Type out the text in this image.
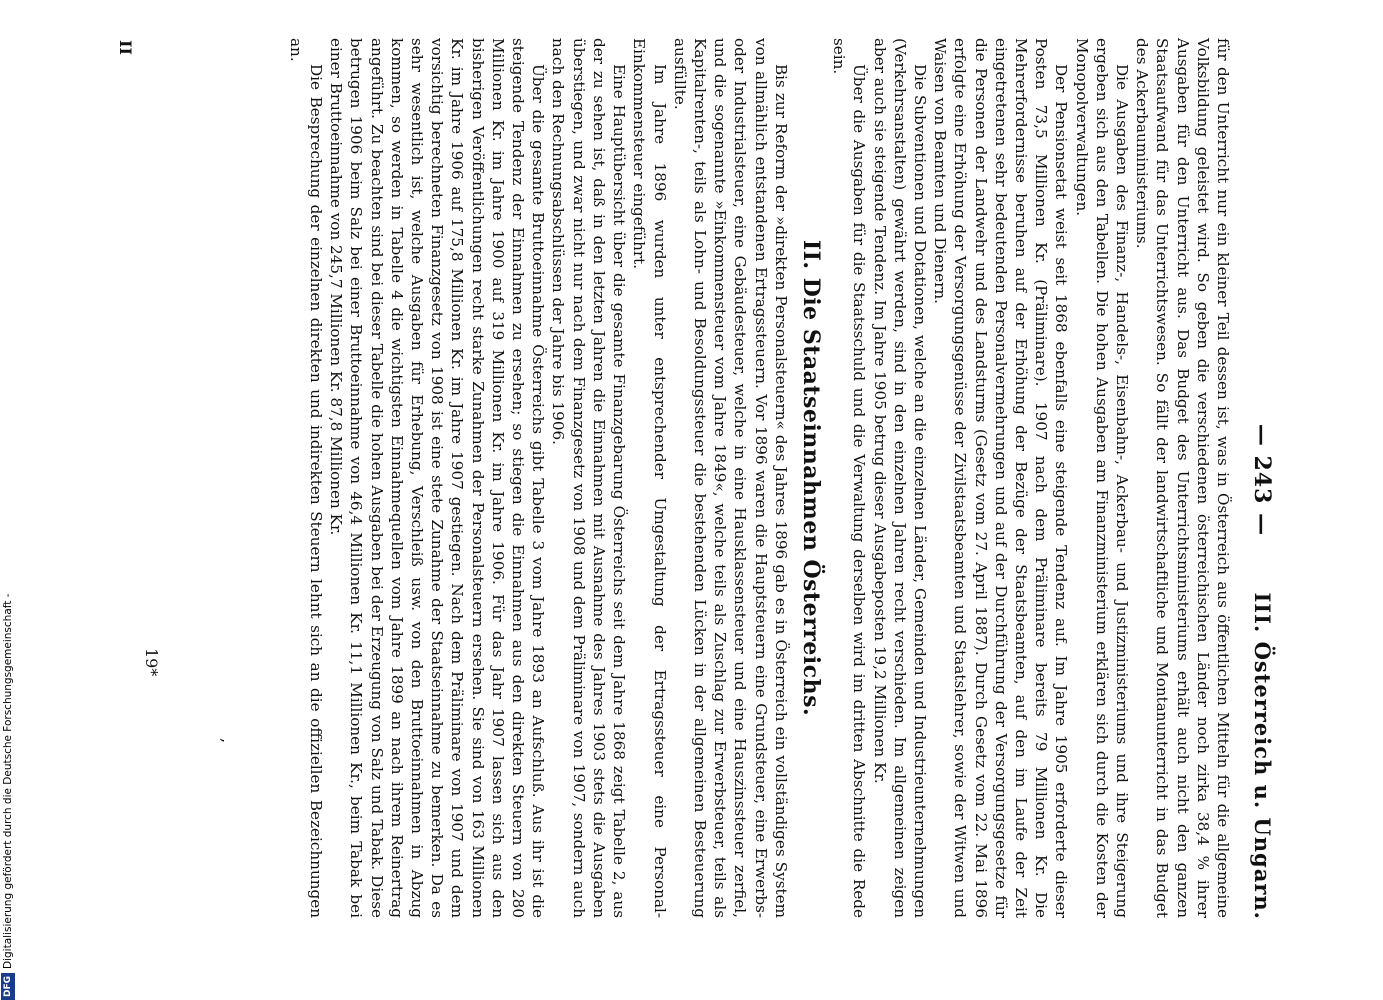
— 243 —
III. Österreich u. Ungarn.

für den Unterricht nur ein kleiner Teil dessen ist, was in Österreich aus öffentlichen Mitteln für die allgemeine Volksbildung geleistet wird. So geben die verschiedenen österreichischen Länder noch zirka 38,4 % ihrer Ausgaben für den Unterricht aus. Das Budget des Unterrichtsministeriums erhält auch nicht den ganzen Staatsaufwand für das Unterrichtswesen. So fällt der landwirtschaftliche und Montanunterricht in das Budget des Ackerbauministeriums.

Die Ausgaben des Finanz-, Handels-, Eisenbahn-, Ackerbau- und Justizministeriums und ihre Steigerung ergeben sich aus den Tabellen. Die hohen Ausgaben am Finanzministerium erklären sich durch die Kosten der Monopolverwaltungen.

Der Pensionsetat weist seit 1868 ebenfalls eine steigende Tendenz auf. Im Jahre 1905 erforderte dieser Posten 73,5 Millionen Kr. (Präliminare). 1907 nach dem Präliminare bereits 79 Millionen Kr. Die Mehrerfordernisse beruhen auf der Erhöhung der Bezüge der Staatsbeamten, auf den im Laufe der Zeit eingetretenen sehr bedeutenden Personalvermehrungen und auf der Durchführung der Versorgungsgesetze für die Personen der Landwehr und des Landsturms (Gesetz vom 27. April 1887). Durch Gesetz vom 22. Mai 1896 erfolgte eine Erhöhung der Versorgungsgenüsse der Zivilstaatsbeamten und Staatslehrer, sowie der Witwen und Waisen von Beamten und Dienern.

Die Subventionen und Dotationen, welche an die einzelnen Länder, Gemeinden und Industrieunternehmungen (Verkehrsanstalten) gewährt werden, sind in den einzelnen Jahren recht verschieden. Im allgemeinen zeigen aber auch sie steigende Tendenz. Im Jahre 1905 betrug dieser Ausgabeposten 19,2 Millionen Kr.

Über die Ausgaben für die Staatsschuld und die Verwaltung derselben wird im dritten Abschnitte die Rede sein.

II. Die Staatseinnahmen Österreichs.

Bis zur Reform der »direkten Personalsteuern« des Jahres 1896 gab es in Österreich ein vollständiges System von allmählich entstandenen Ertragssteuern. Vor 1896 waren die Hauptsteuern eine Grundsteuer, eine Erwerbs- oder Industrialsteuer, eine Gebäudesteuer, welche in eine Hausklassensteuer und eine Hauszinssteuer zerfiel, und die sogenannte »Einkommensteuer vom Jahre 1849«, welche teils als Zuschlag zur Erwerbsteuer, teils als Kapitalrenten-, teils als Lohn- und Besoldungssteuer die bestehenden Lücken in der allgemeinen Besteuerung ausfüllte.

Im Jahre 1896 wurden unter entsprechender Umgestaltung der Ertragssteuer eine Personal-Einkommensteuer eingeführt.

Eine Hauptübersicht über die gesamte Finanzgebarung Österreichs seit dem Jahre 1868 zeigt Tabelle 2, aus der zu sehen ist, daß in den letzten Jahren die Einnahmen mit Ausnahme des Jahres 1903 stets die Ausgaben überstiegen, und zwar nicht nur nach dem Finanzgesetz von 1908 und dem Präliminare von 1907, sondern auch nach den Rechnungsabschlüssen der Jahre bis 1906.

Über die gesamte Bruttoeinnahme Österreichs gibt Tabelle 3 vom Jahre 1893 an Aufschluß. Aus ihr ist die steigende Tendenz der Einnahmen zu ersehen; so stiegen die Einnahmen aus den direkten Steuern von 280 Millionen Kr. im Jahre 1900 auf 319 Millionen Kr. im Jahre 1906. Für das Jahr 1907 lassen sich aus den bisherigen Veröffentlichungen recht starke Zunahmen der Personalsteuern ersehen. Sie sind von 163 Millionen Kr. im Jahre 1906 auf 175,8 Millionen Kr. im Jahre 1907 gestiegen. Nach dem Präliminare von 1907 und dem vorsichtig berechneten Finanzgesetz von 1908 ist eine stete Zunahme der Staatseinnahme zu bemerken. Da es sehr wesentlich ist, welche Ausgaben für Erhebung, Verschleiß usw. von den Bruttoeinnahmen in Abzug kommen, so werden in Tabelle 4 die wichtigsten Einnahmequellen vom Jahre 1899 an nach ihrem Reinertrag angeführt. Zu beachten sind bei dieser Tabelle die hohen Ausgaben bei der Erzeugung von Salz und Tabak. Diese betrugen 1906 beim Salz bei einer Bruttoeinnahme von 46,4 Millionen Kr. 11,1 Millionen Kr., beim Tabak bei einer Bruttoeinnahme von 245,7 Millionen Kr. 87,8 Millionen Kr.

Die Besprechung der einzelnen direkten und indirekten Steuern lehnt sich an die offiziellen Bezeichnungen an.

II
,
19*
DFG
Digitalisierung gefördert durch die Deutsche Forschungsgemeinschaft -
